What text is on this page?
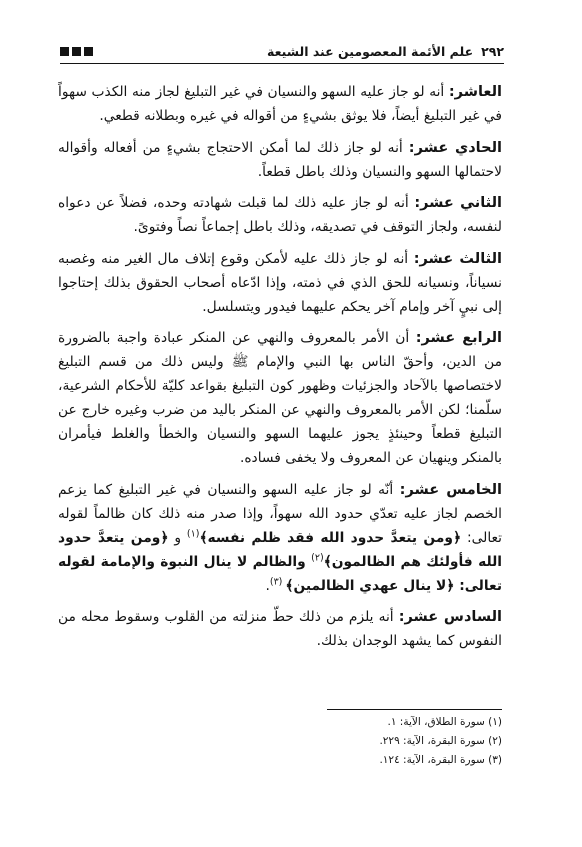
٢٩٢
علم الأئمة المعصومين عند الشيعة

العاشر: أنه لو جاز عليه السهو والنسيان في غير التبليغ لجاز منه الكذب سهواً في غير التبليغ أيضاً، فلا يوثق بشيءٍ من أقواله في غيره وبطلانه قطعي.

الحادي عشر: أنه لو جاز ذلك لما أمكن الاحتجاج بشيءٍ من أفعاله وأقواله لاحتمالها السهو والنسيان وذلك باطل قطعاً.

الثاني عشر: أنه لو جاز عليه ذلك لما قبلت شهادته وحده، فضلاً عن دعواه لنفسه، ولجاز التوقف في تصديقه، وذلك باطل إجماعاً نصاً وفتوىً.

الثالث عشر: أنه لو جاز ذلك عليه لأمكن وقوع إتلاف مال الغير منه وغصبه نسياناً، ونسيانه للحق الذي في ذمته، وإذا ادّعاه أصحاب الحقوق بذلك إحتاجوا إلى نبيٍ آخر وإمام آخر يحكم عليهما فيدور ويتسلسل.

الرابع عشر: أن الأمر بالمعروف والنهي عن المنكر عبادة واجبة بالضرورة من الدين، وأحقّ الناس بها النبي والإمام ﷺ وليس ذلك من قسم التبليغ لاختصاصها بالآحاد والجزئيات وظهور كون التبليغ بقواعد كليّة للأحكام الشرعية، سلّمنا؛ لكن الأمر بالمعروف والنهي عن المنكر باليد من ضرب وغيره خارج عن التبليغ قطعاً وحينئذٍ يجوز عليهما السهو والنسيان والخطأ والغلط فيأمران بالمنكر وينهيان عن المعروف ولا يخفى فساده.

الخامس عشر: أنّه لو جاز عليه السهو والنسيان في غير التبليغ كما يزعم الخصم لجاز عليه تعدّي حدود الله سهواً، وإذا صدر منه ذلك كان ظالماً لقوله تعالى: ﴿ومن يتعدَّ حدود الله فقد ظلم نفسه﴾$^{(١)}$ و ﴿ومن يتعدَّ حدود الله فأولئك هم الظالمون﴾$^{(٢)}$ والظالم لا ينال النبوة والإمامة لقوله تعالى: ﴿لا ينال عهدي الظالمين﴾ $^{(٣)}$.

السادس عشر: أنه يلزم من ذلك حطّ منزلته من القلوب وسقوط محله من النفوس كما يشهد الوجدان بذلك.

(١) سورة الطلاق، الآية: ١.

(٢) سورة البقرة، الآية: ٢٢٩.

(٣) سورة البقرة، الآية: ١٢٤.
